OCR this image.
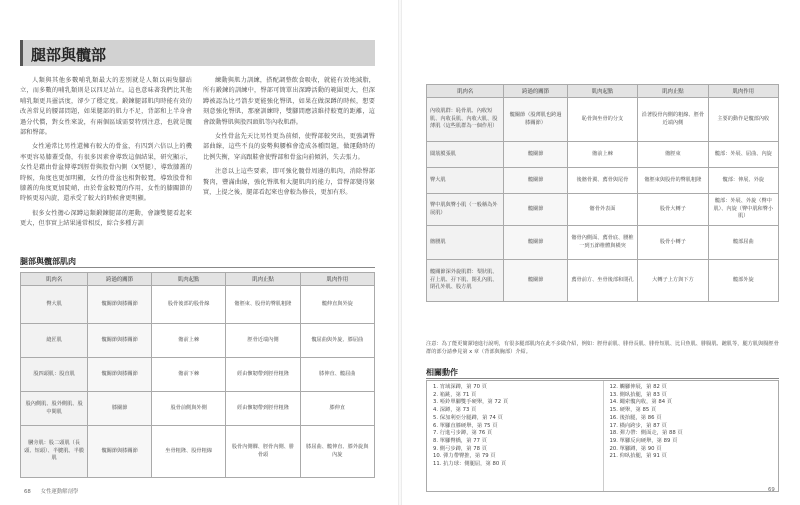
腿部與髖部

人類與其他多數哺乳類最大的差別就是人類以兩隻腳站立，而多數的哺乳類則是以四足站立。這也意味著我們比其他哺乳類更具靈活度，卻少了穩定度。鍛鍊腿部肌肉時能有效的改善常見的腰部問題，如果腿部的肌力不足，背部和上半身會過分代償，對女性來說，有兩個區域需要特別注意，也就是髖部和臀部。

女性通常比男性還擁有較大的骨盆，有四到六倍以上的機率更容易膝蓋受傷，有很多因素會導致這個結果，研究顯示，女性是藉由骨盆傳導到脛骨與股骨內側（X型腿），導致膝蓋的時候，角度也更加明顯，女性的骨盆也相對較寬，導致股骨和膝蓋的角度更加陡峭，由於骨盆較寬的作用，女性的膝關節的時候更易內旋，還承受了較大的時候會更明顯。

很多女性擔心深蹲這類鍛鍊腿部的運動，會讓雙腿看起來更大，但事實上結果通常相反，綜合多種方訓

練動與肌力訓練，搭配調整飲食吸收，就能有效地減脂，所有鍛鍊的訓練中，臀部可簡單出深蹲活動的範圍更大，但深蹲被認為比弓箭步更能強化臀肌，如果在做深蹲的時候，想要刻意強化臀肌，那麼訓練時，雙腳間應該維持較寬的距離，這會啟動臀肌與股四頭肌等內收肌群。

女性骨盆先天比男性更為前傾，使臀部較突出，更強調臀部曲線，這些不良的姿勢與腰椎會造成各種問題，做運動時的比例失衡，穿高跟鞋會使臀部和骨盆向前傾斜，失去張力。

注意以上這些要素，即可強化髖骨周邊的肌肉，消除臀部贅肉，豐滿曲線，強化臀肌和大腿肌肉的能力，當臀部變得緊實，上提之後，腿部看起來也會較為修長，更加有形。

腿部與髖部肌肉
肌肉名	跨過的關節	肌肉起點	肌肉止點	肌肉作用
臀大肌	髖關節與膝關節	股骨後部的股骨線	髂脛束、股骨的臀肌粗隆	髖伸直與外旋
縫匠肌	髖關節與膝關節	髂前上棘	脛骨近端內側	髖屈曲與外旋、膝屈曲
股四頭肌：股直肌	髖關節與膝關節	髂前下棘	經由髕韌帶到脛骨粗隆	膝伸直、髖屈曲
股內側肌、股外側肌、股中間肌	膝關節	股骨前側與外側	經由髕韌帶到脛骨粗隆	膝伸直
膕旁肌：股二頭肌（長頭、短頭）、半腱肌、半膜肌	髖關節與膝關節	坐骨粗隆、股骨粗線	股骨內側髁、脛骨內側、腓骨頭	膝屈曲、髖伸直、膝外旋與內旋
68 女性運動解剖學
肌肉名	跨過的關節	肌肉起點	肌肉止點	肌肉作用
內收肌群：恥骨肌、內收短肌、內收長肌、內收大肌、股薄肌（這些肌群為一個作用）	髖關節（股薄肌也跨過膝關節）	恥骨與坐骨的分支	沿著股骨內側的粗線、脛骨近端內側	主要的動作是髖部內收
闊筋膜張肌	髖關節	髂前上棘	髂脛束	髖部：外展、屈曲、內旋
臀大肌	髖關節	後髂骨翼、薦骨與尾骨	髂脛束與股骨的臀肌粗隆	髖部：伸展、外旋
臀中肌與臀小肌（一般稱為外展肌）	髖關節	髂骨外表面	股骨大轉子	髖部：外展、外旋（臀中肌）、內旋（臀中肌和臀小肌）
髂腰肌	髖關節	髂骨內側面、薦骨底、腰椎一到五節椎體與橫突	股骨小轉子	髖部屈曲
髖關節深外旋肌群：梨狀肌、孖上肌、孖下肌、閉孔內肌、閉孔外肌、股方肌	髖關節	薦骨前方、坐骨後部和閉孔	大轉子上方與下方	髖部外旋
注意：為了能更簡潔地進行說明，有很多腿部肌肉在此不多做介紹，例如：脛骨前肌、腓骨長肌、腓骨短肌、比目魚肌、腓腸肌、蹠肌等，腿方肌與腸脛骨群的部分請參見第 x 章（背部與胸部）介紹。
相關動作
1. 宵域深蹲，第 70 頁
2. 箱跳，第 71 頁
3. 啞鈴單腳雙手硬舉，第 72 頁
4. 深蹲，第 73 頁
5. 保加利亞分腿蹲，第 74 頁
6. 單腳直膝硬舉，第 75 頁
7. 行進弓步蹲，第 76 頁
8. 單腳臀橋，第 77 頁
9. 側弓步蹲，第 78 頁
10. 彈力帶臀推，第 79 頁
11. 抗力球：側腿屈，第 80 頁
12. 觸腳伸展，第 82 頁
13. 側臥抬腿，第 83 頁
14. 繩索髖內收，第 84 頁
15. 硬舉，第 85 頁
16. 後抬腿，第 86 頁
17. 橫向跨步，第 87 頁
18. 彈力帶：側面走，第 88 頁
19. 單腳反向硬舉，第 89 頁
20. 單腳蹲，第 90 頁
21. 仰臥抬腿，第 91 頁
69
